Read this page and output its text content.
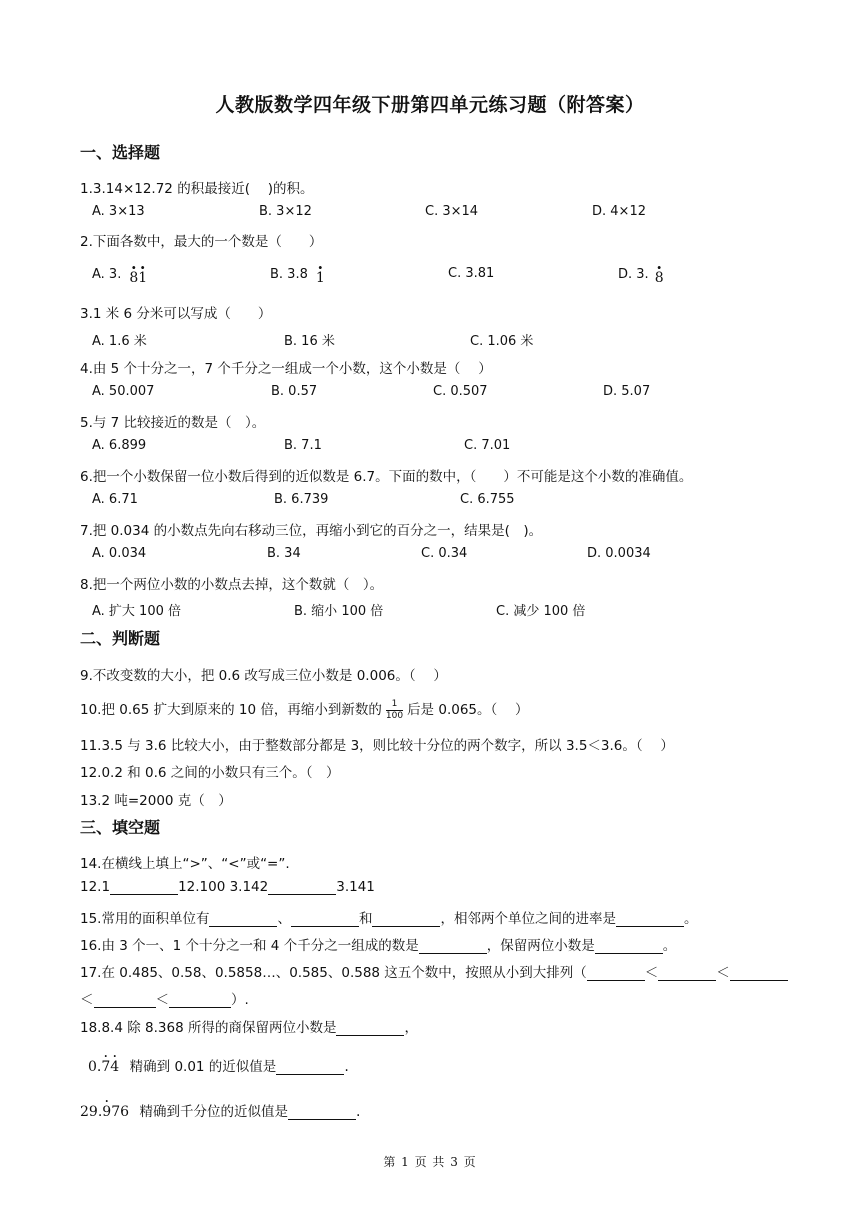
人教版数学四年级下册第四单元练习题（附答案）
一、选择题
1.3.14×12.72 的积最接近(　 )的积。
A. 3×13	B. 3×12	C. 3×14	D. 4×12
2.下面各数中，最大的一个数是（　　）
A. 3. · 8· 1	B. 3.8 · 1	C. 3.81	D. 3. · 8
3.1 米 6 分米可以写成（　　）
A. 1.6 米	B. 16 米	C. 1.06 米
4.由 5 个十分之一，7 个千分之一组成一个小数，这个小数是（　 ）
A. 50.007	B. 0.57	C. 0.507	D. 5.07
5.与 7 比较接近的数是（　）。
A. 6.899	B. 7.1	C. 7.01
6.把一个小数保留一位小数后得到的近似数是 6.7。下面的数中，（　　）不可能是这个小数的准确值。
A. 6.71	B. 6.739	C. 6.755
7.把 0.034 的小数点先向右移动三位，再缩小到它的百分之一，结果是(　)。
A. 0.034	B. 34	C. 0.34	D. 0.0034
8.把一个两位小数的小数点去掉，这个数就（　）。
A. 扩大 100 倍	B. 缩小 100 倍	C. 减少 100 倍
二、判断题
9.不改变数的大小，把 0.6 改写成三位小数是 0.006。（　 ）
10.把 0.65 扩大到原来的 10 倍，再缩小到新数的 $\frac{1}{100}$ 后是 0.065。（　 ）
11.3.5 与 3.6 比较大小，由于整数部分都是 3，则比较十分位的两个数字，所以 3.5＜3.6。（　 ）
12.0.2 和 0.6 之间的小数只有三个。（　）
13.2 吨=2000 克（　）
三、填空题
14.在横线上填上“>”、“<”或“=”.
12.1	12.100 3.142	3.141
15.常用的面积单位有	、	和	，相邻两个单位之间的进率是	。
16.由 3 个一、1 个十分之一和 4 个千分之一组成的数是	，保留两位小数是	。
17.在 0.485、0.58、0.5858…、0.585、0.588 这五个数中，按照从小到大排列（	＜	＜
＜	＜	）.
18.8.4 除 8.368 所得的商保留两位小数是	，
0.· 7· 4 精确到 0.01 的近似值是	.
29.· 976 精确到千分位的近似值是	.
第 1 页 共 3 页
